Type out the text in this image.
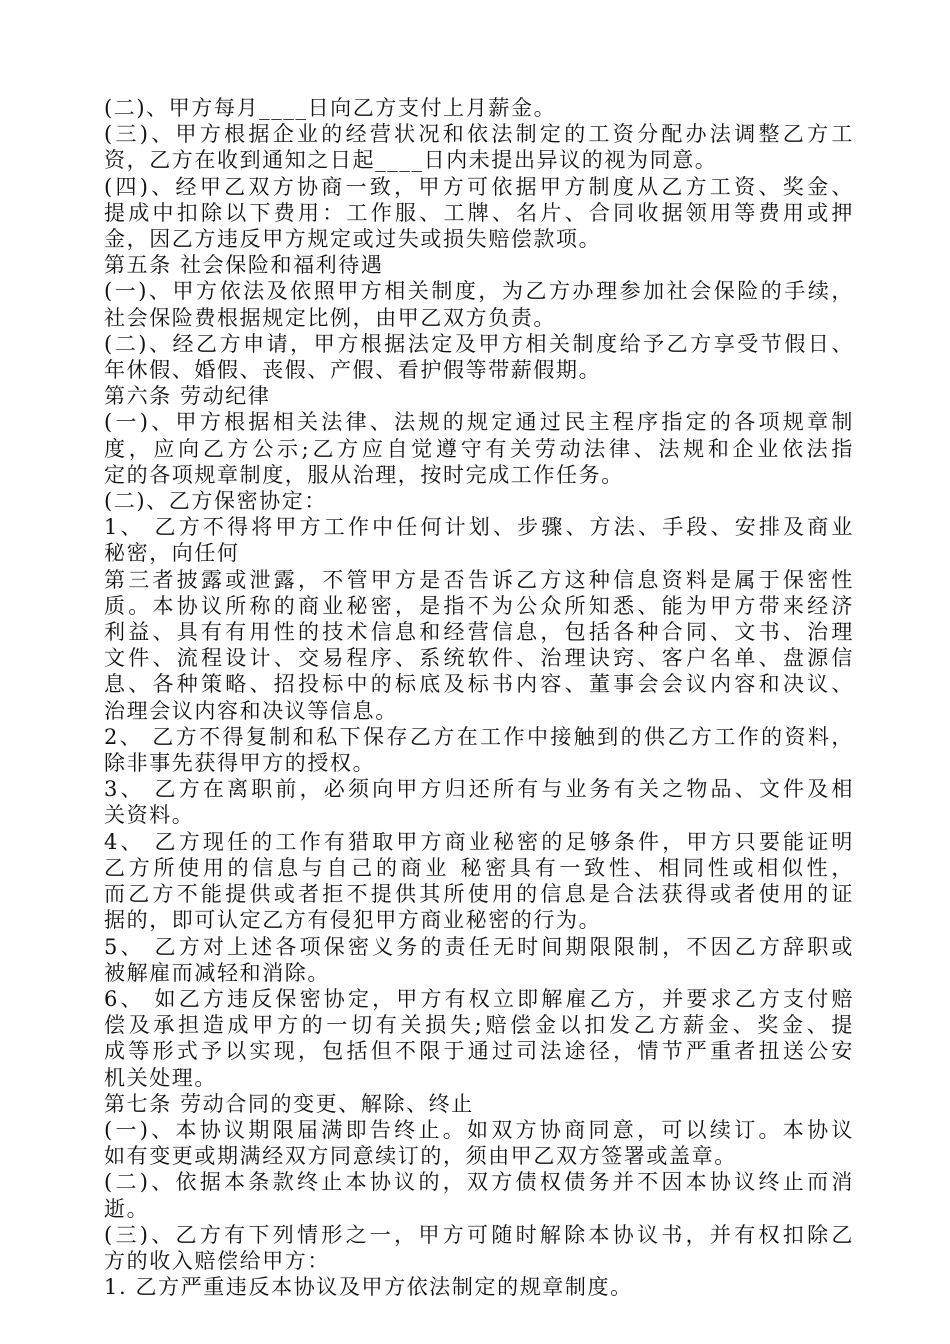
(二)、甲方每月____日向乙方支付上月薪金。
(三)、甲方根据企业的经营状况和依法制定的工资分配办法调整乙方工
资，乙方在收到通知之日起____日内未提出异议的视为同意。
(四)、经甲乙双方协商一致，甲方可依据甲方制度从乙方工资、奖金、
提成中扣除以下费用：工作服、工牌、名片、合同收据领用等费用或押
金，因乙方违反甲方规定或过失或损失赔偿款项。
第五条 社会保险和福利待遇
(一)、甲方依法及依照甲方相关制度，为乙方办理参加社会保险的手续，
社会保险费根据规定比例，由甲乙双方负责。
(二)、经乙方申请，甲方根据法定及甲方相关制度给予乙方享受节假日、
年休假、婚假、丧假、产假、看护假等带薪假期。
第六条 劳动纪律
(一)、甲方根据相关法律、法规的规定通过民主程序指定的各项规章制
度，应向乙方公示;乙方应自觉遵守有关劳动法律、法规和企业依法指
定的各项规章制度，服从治理，按时完成工作任务。
(二)、乙方保密协定：
1、 乙方不得将甲方工作中任何计划、步骤、方法、手段、安排及商业
秘密，向任何
第三者披露或泄露，不管甲方是否告诉乙方这种信息资料是属于保密性
质。本协议所称的商业秘密，是指不为公众所知悉、能为甲方带来经济
利益、具有有用性的技术信息和经营信息，包括各种合同、文书、治理
文件、流程设计、交易程序、系统软件、治理诀窍、客户名单、盘源信
息、各种策略、招投标中的标底及标书内容、董事会会议内容和决议、
治理会议内容和决议等信息。
2、 乙方不得复制和私下保存乙方在工作中接触到的供乙方工作的资料，
除非事先获得甲方的授权。
3、 乙方在离职前，必须向甲方归还所有与业务有关之物品、文件及相
关资料。
4、 乙方现任的工作有猎取甲方商业秘密的足够条件，甲方只要能证明
乙方所使用的信息与自己的商业 秘密具有一致性、相同性或相似性，
而乙方不能提供或者拒不提供其所使用的信息是合法获得或者使用的证
据的，即可认定乙方有侵犯甲方商业秘密的行为。
5、 乙方对上述各项保密义务的责任无时间期限限制，不因乙方辞职或
被解雇而减轻和消除。
6、 如乙方违反保密协定，甲方有权立即解雇乙方，并要求乙方支付赔
偿及承担造成甲方的一切有关损失;赔偿金以扣发乙方薪金、奖金、提
成等形式予以实现，包括但不限于通过司法途径，情节严重者扭送公安
机关处理。
第七条 劳动合同的变更、解除、终止
(一)、本协议期限届满即告终止。如双方协商同意，可以续订。本协议
如有变更或期满经双方同意续订的，须由甲乙双方签署或盖章。
(二)、依据本条款终止本协议的，双方债权债务并不因本协议终止而消
逝。
(三)、乙方有下列情形之一，甲方可随时解除本协议书，并有权扣除乙
方的收入赔偿给甲方：
1. 乙方严重违反本协议及甲方依法制定的规章制度。
